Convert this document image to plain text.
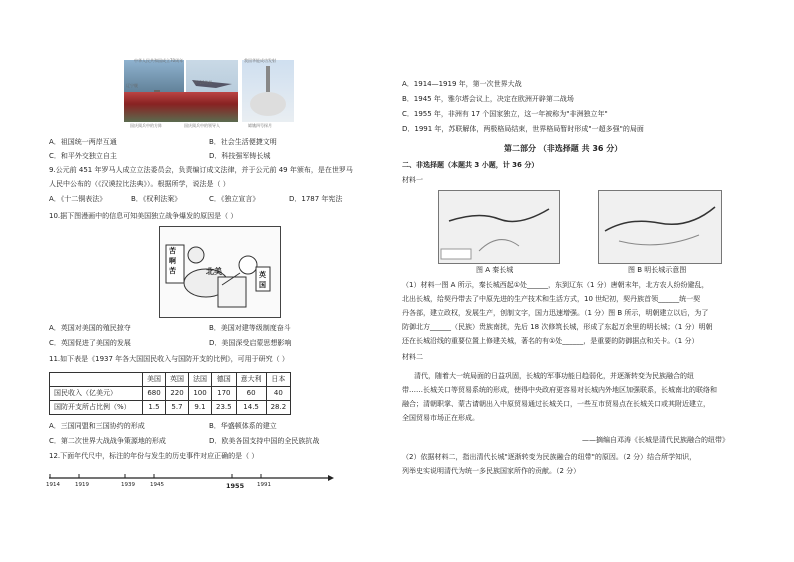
中华人民共和国成立70周年	我国华能成功发射
辽宁舰
歼-20战机
国庆阅兵中的方阵	国庆阅兵中的领导人	嫦娥四号探月
A．祖国统一两岸互通	B．社会生活便捷文明
C．和平外交独立自主	D．科技强军铸长城
9.公元前 451 年罗马人成立立法委员会，负责编订成文法律，并于公元前 49 年颁布，是在世罗马
人民中公布的（《汉谟拉比法典》）。根据所学，说法是（ ）
A．《十二铜表法》	B．《权利法案》	C．《独立宣言》	D．1787 年宪法
10.据下图漫画中的信息可知美国独立战争爆发的原因是（ ）
苦
啊
苦	北美	英
国
A．英国对美国的殖民掠夺	B．美国对建等级制度奋斗
C．英国促进了美国的发展	D．美国深受启蒙思想影响
11.如下表是《1937 年各大国国民收入与国防开支的比例》，可用于研究（ ）
	美国	英国	法国	德国	意大利	日本
国民收入（亿美元）	680	220	100	170	60	40
国防开支所占比例（%）	1.5	5.7	9.1	23.5	14.5	28.2
A．三国同盟和三国协约的形成	B．华盛顿体系的建立
C．第二次世界大战战争策源地的形成	D．欧美各国支持中国的全民族抗战
12.下面年代尺中，标注的年份与发生的历史事件对应正确的是（ ）
1914	1919	1939	1945	1955 1991
A．1914—1919 年，第一次世界大战
B．1945 年，雅尔塔会议上，决定在欧洲开辟第二战场
C．1955 年，非洲有 17 个国家独立，这一年被称为"非洲独立年"
D．1991 年，苏联解体，两极格局结束，世界格局暂时形成"一超多强"的局面
第二部分 （非选择题 共 36 分）
二、非选择题（本题共 3 小题，计 36 分）
材料一
图 A 秦长城	图 B 明长城示意图
（1）材料一图 A 所示，秦长城西起①处______，东到辽东（1 分）唐朝末年，北方农人纷纷避乱，
北出长城，给契丹带去了中原先进的生产技术和生活方式，10 世纪初，契丹族首领______统一契
丹各部，建立政权，发展生产，创制文字，国力迅速增强。（1 分）图 B 所示，明朝建立以后，为了
防御北方______（民族）贵族南扰，先后 18 次修筑长城，形成了东起万余里的明长城；（1 分）明朝
还在长城沿线的重要位置上修建关城，著名的有①处______，是重要的防御据点和关卡。（1 分）
材料二
清代，随着大一统局面的日益巩固，长城的军事功能日趋弱化，并逐渐转变为民族融合的纽
带……长城关口等贸易系统的形成，使得中央政府更容易对长城内外地区加强联系，长城南北的联络和
融合；清朝职掌、蒙古请朝出入中原贸易通过长城关口，一些互市贸易点在长城关口或其附近建立，
全国贸易市场正在形成。
——摘编自邓涛《长城是清代民族融合的纽带》
（2）依据材料二，指出清代长城"逐渐转变为民族融合的纽带"的原因。（2 分）结合所学知识，
列举史实说明清代为统一多民族国家所作的贡献。（2 分）
